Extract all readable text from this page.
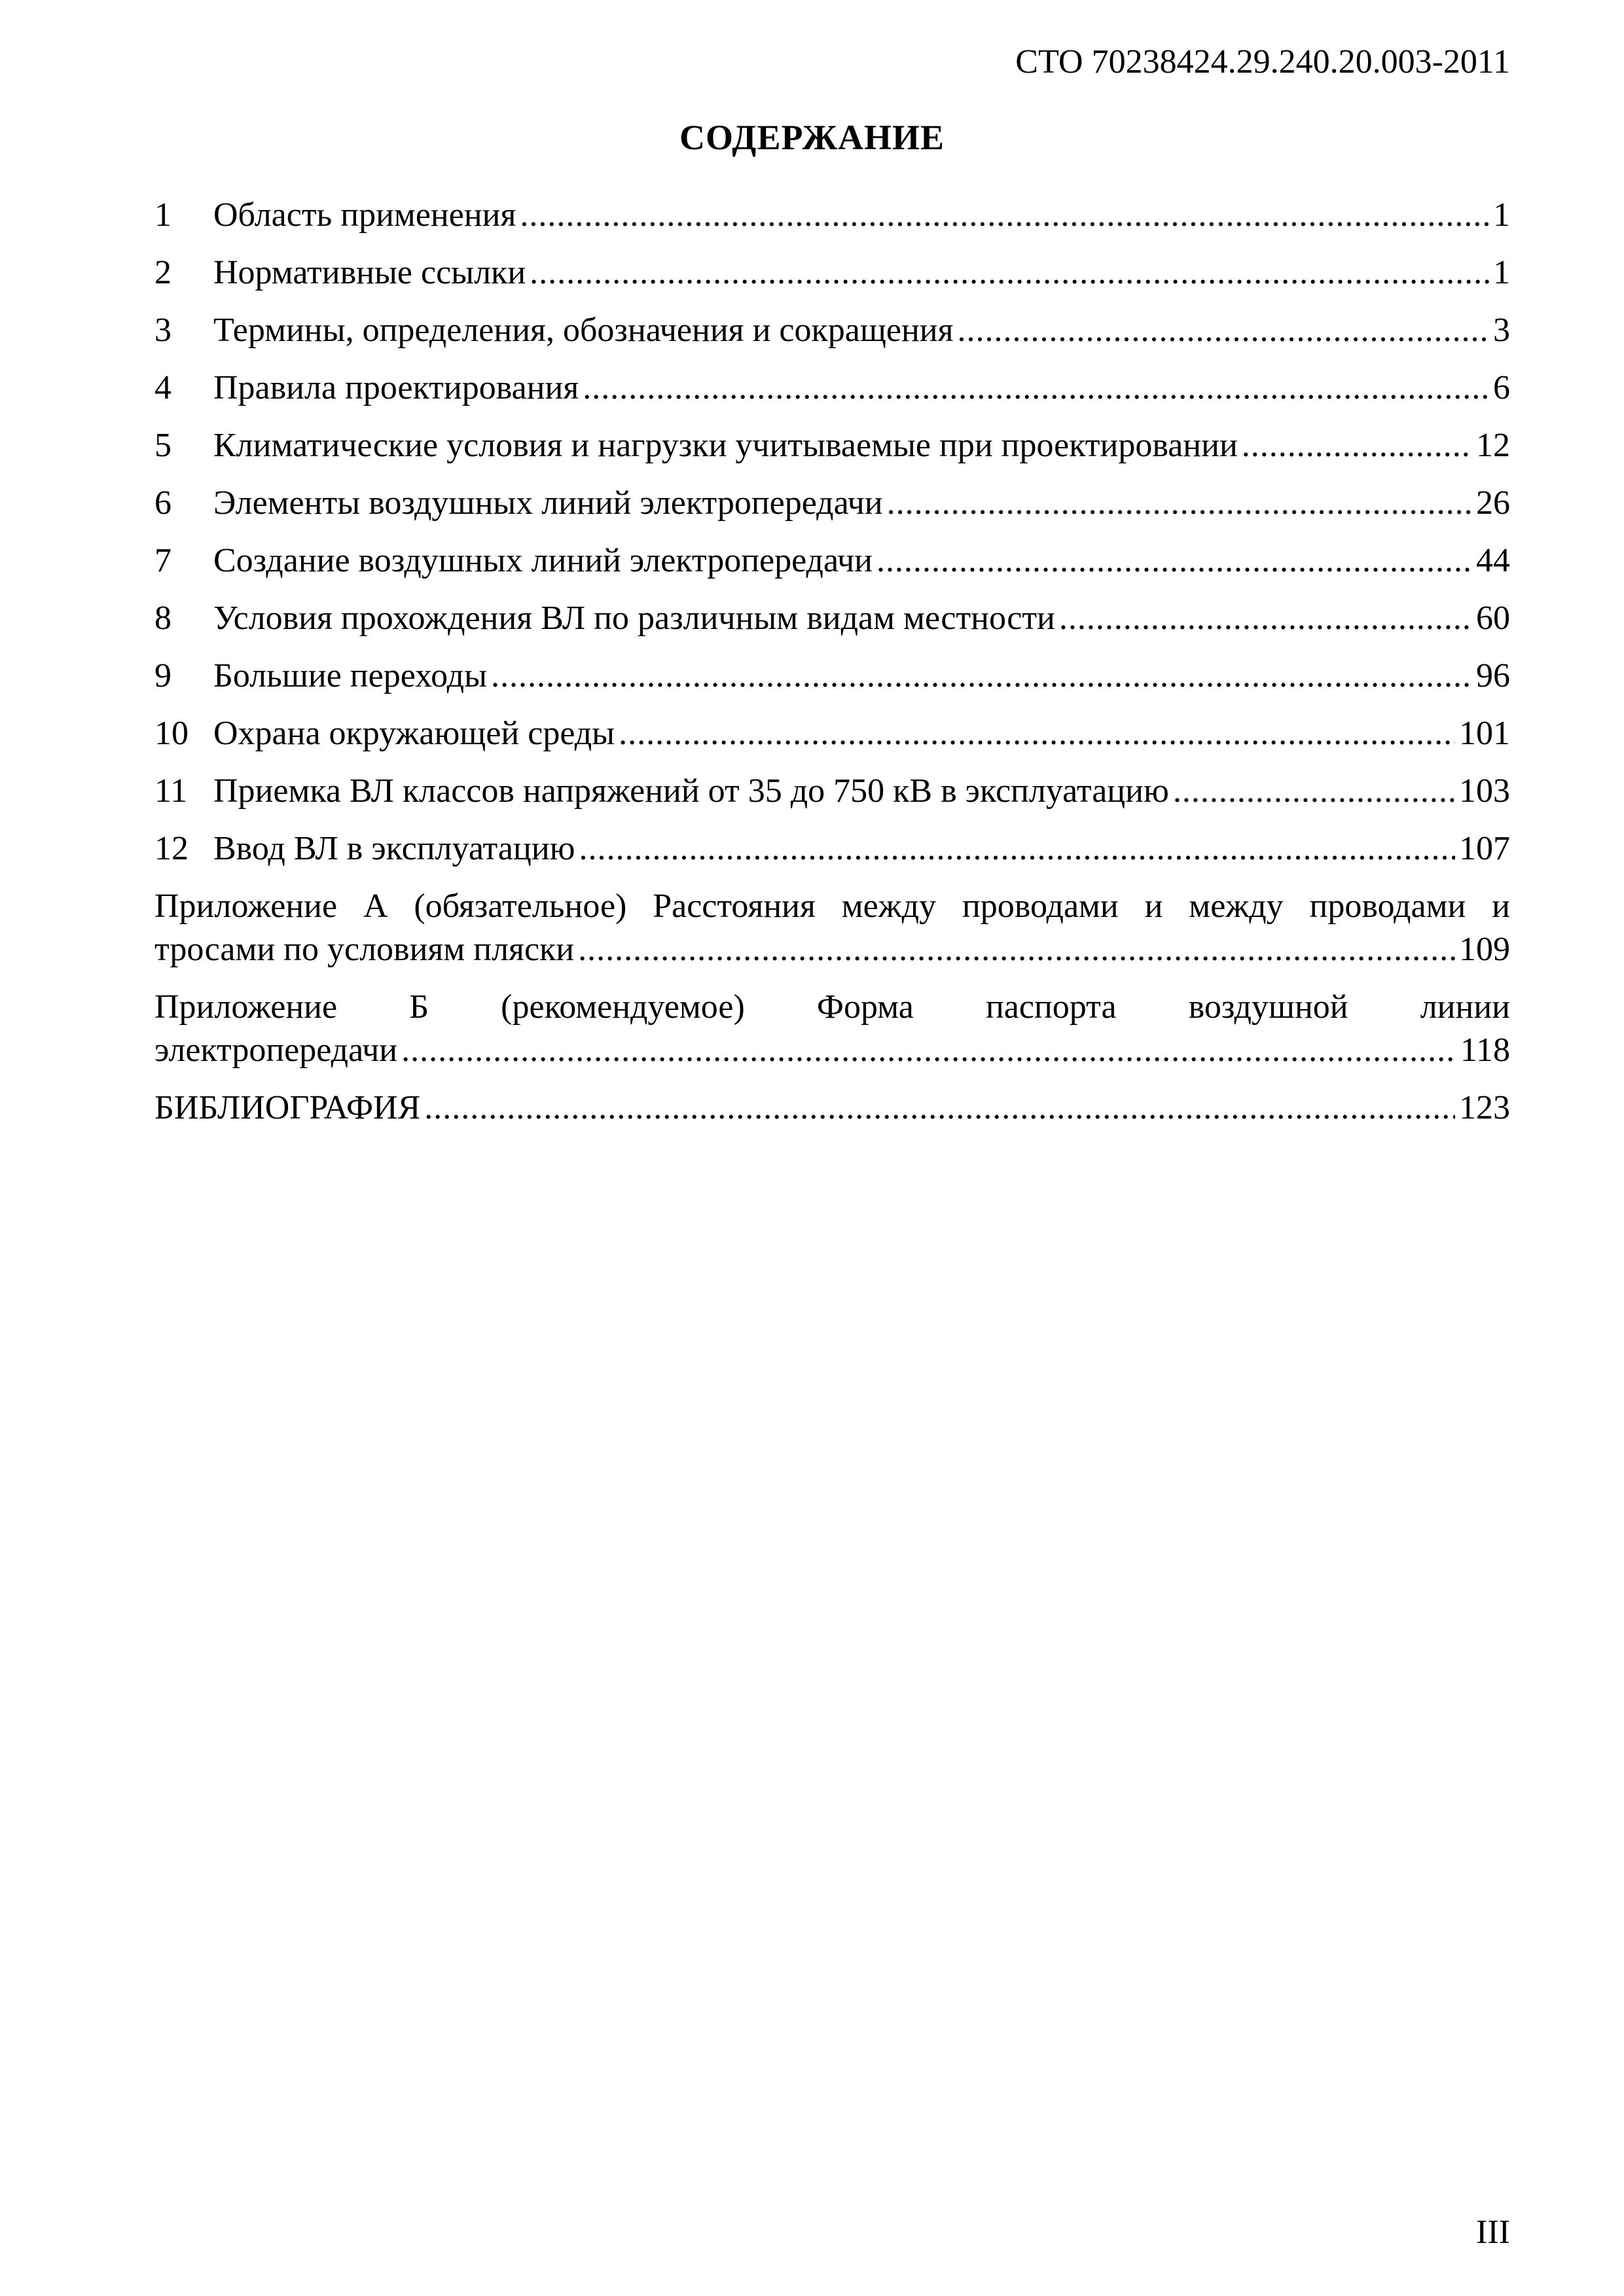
СТО 70238424.29.240.20.003-2011
СОДЕРЖАНИЕ
1	Область применения .....	1
2	Нормативные ссылки .....	1
3	Термины, определения, обозначения и сокращения .....	3
4	Правила проектирования .....	6
5	Климатические условия и нагрузки учитываемые при проектировании .....	12
6	Элементы воздушных линий электропередачи .....	26
7	Создание воздушных линий электропередачи .....	44
8	Условия прохождения ВЛ по различным видам местности .....	60
9	Большие переходы .....	96
10 Охрана окружающей среды .....	101
11 Приемка ВЛ классов напряжений от 35 до 750 кВ в эксплуатацию .....	103
12 Ввод ВЛ в эксплуатацию .....	107
Приложение А (обязательное) Расстояния между проводами и между проводами и
тросами по условиям пляски .....	109
Приложение Б (рекомендуемое) Форма паспорта воздушной линии
электропередачи .....	118
БИБЛИОГРАФИЯ .....	123
III
